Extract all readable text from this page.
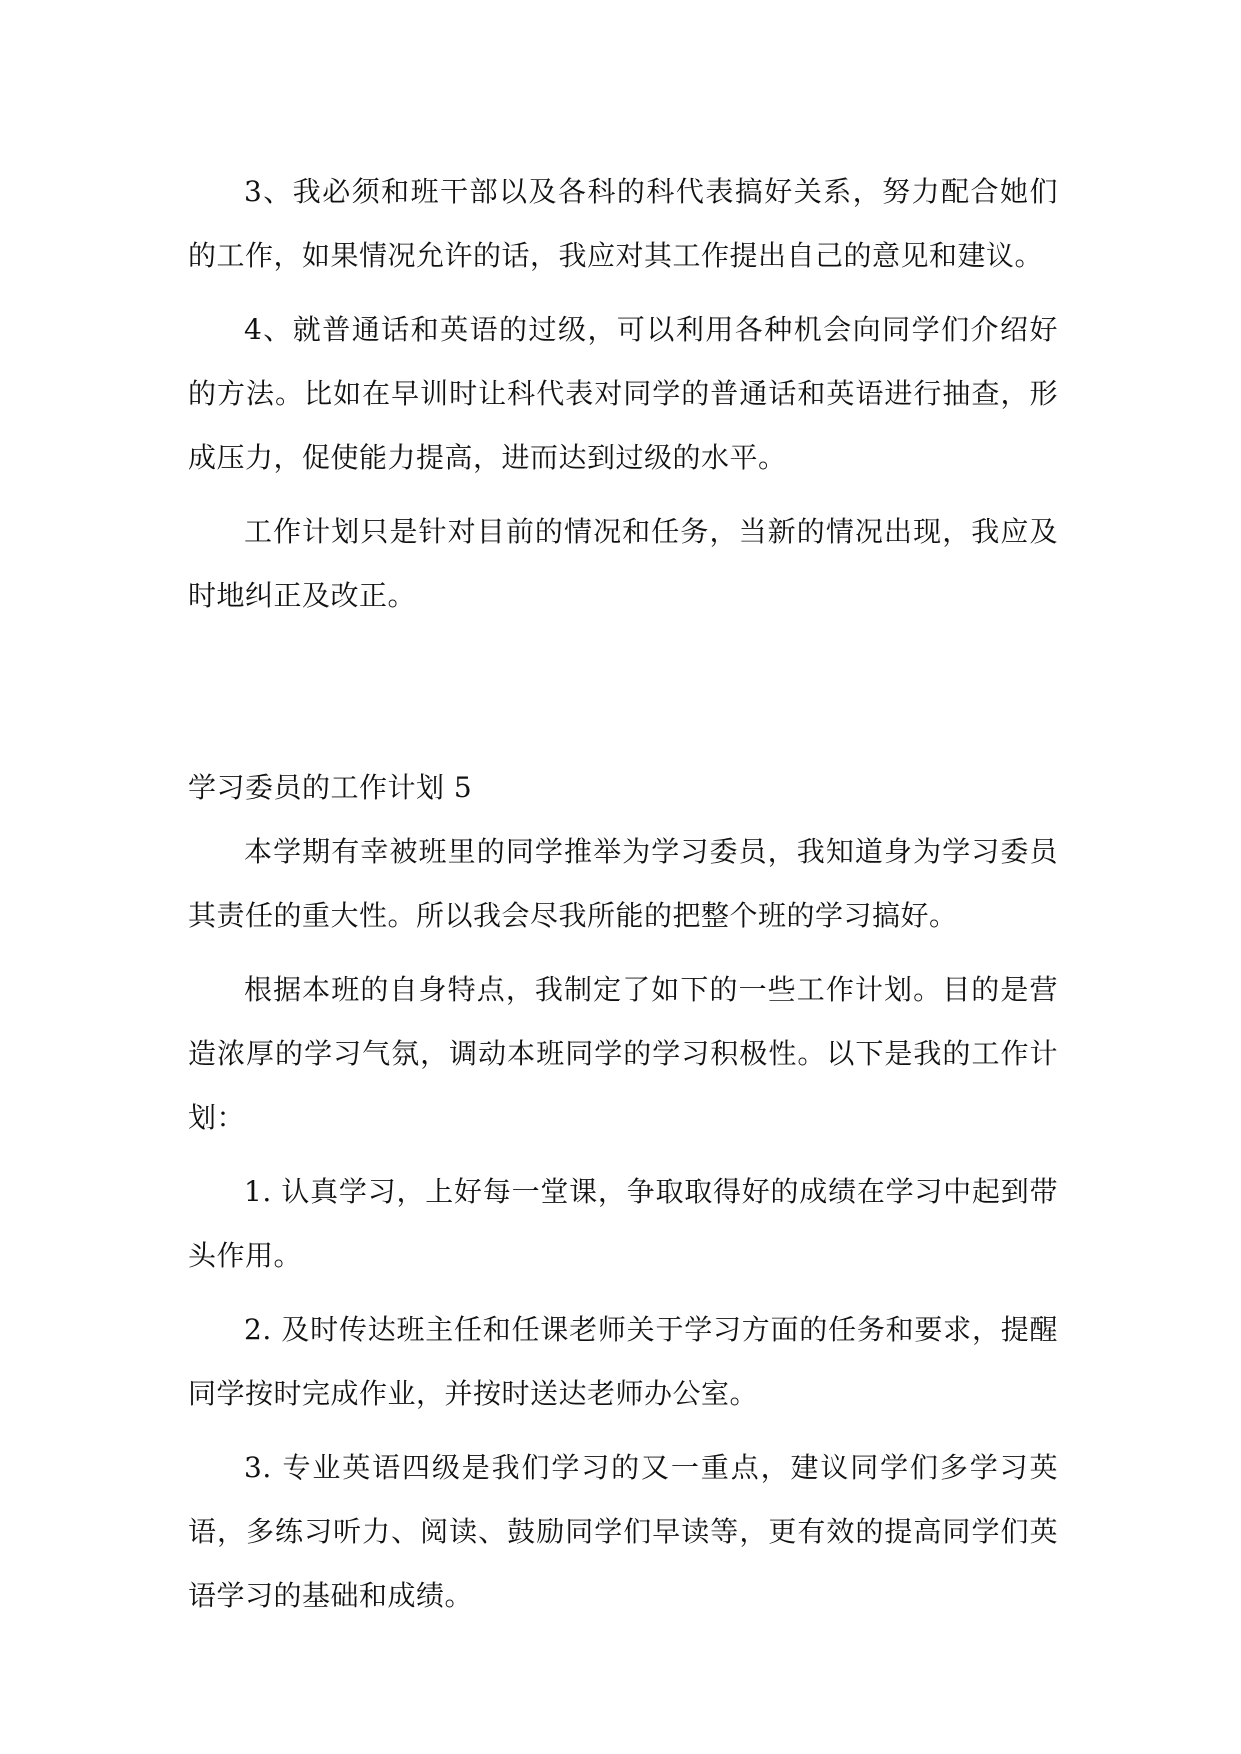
3、我必须和班干部以及各科的科代表搞好关系，努力配合她们的工作，如果情况允许的话，我应对其工作提出自己的意见和建议。

4、就普通话和英语的过级，可以利用各种机会向同学们介绍好的方法。比如在早训时让科代表对同学的普通话和英语进行抽查，形成压力，促使能力提高，进而达到过级的水平。

工作计划只是针对目前的情况和任务，当新的情况出现，我应及时地纠正及改正。

学习委员的工作计划 5

本学期有幸被班里的同学推举为学习委员，我知道身为学习委员其责任的重大性。所以我会尽我所能的把整个班的学习搞好。

根据本班的自身特点，我制定了如下的一些工作计划。目的是营造浓厚的学习气氛，调动本班同学的学习积极性。以下是我的工作计划：

1. 认真学习，上好每一堂课，争取取得好的成绩在学习中起到带头作用。

2. 及时传达班主任和任课老师关于学习方面的任务和要求，提醒同学按时完成作业，并按时送达老师办公室。

3. 专业英语四级是我们学习的又一重点，建议同学们多学习英语，多练习听力、阅读、鼓励同学们早读等，更有效的提高同学们英语学习的基础和成绩。
